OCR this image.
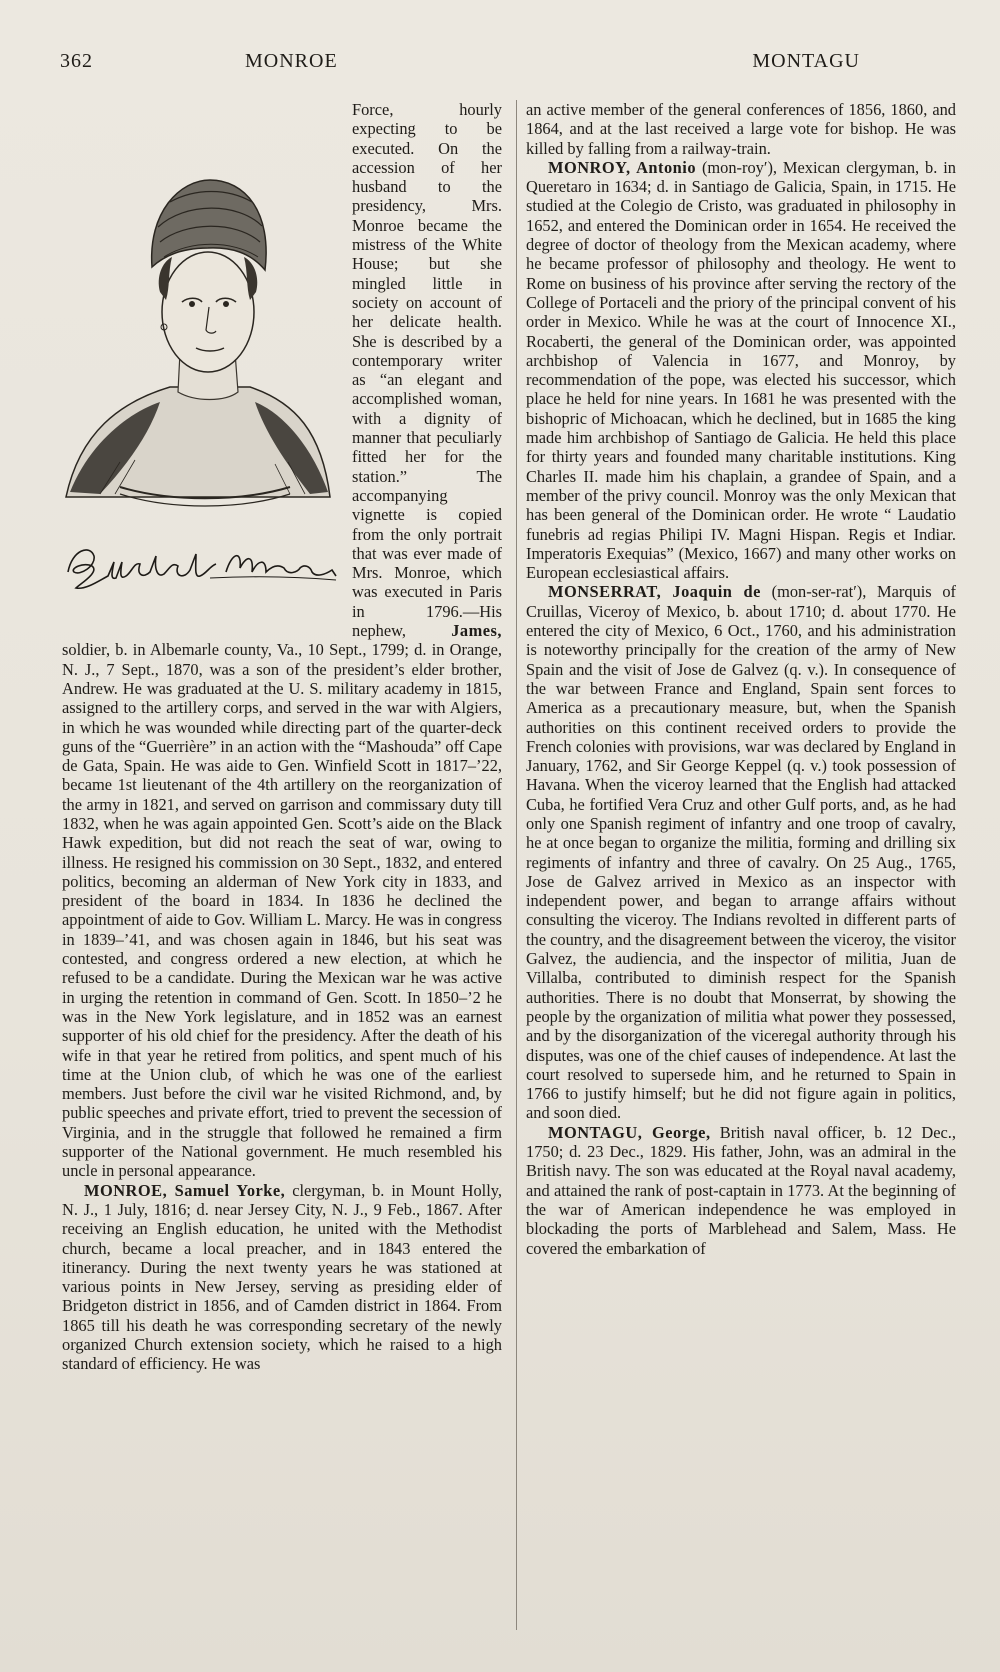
362	MONROE	MONTAGU

Force, hourly expecting to be executed. On the accession of her husband to the presidency, Mrs. Monroe became the mistress of the White House; but she mingled little in society on account of her delicate health. She is described by a contemporary writer as “an elegant and accomplished woman, with a dignity of manner that peculiarly fitted her for the station.” The accompanying vignette is copied from the only portrait that was ever made of Mrs. Monroe, which was executed in Paris in 1796.—His nephew,	James, soldier, b. in Albemarle county, Va., 10 Sept., 1799; d. in Orange, N. J., 7 Sept., 1870, was a son of the president’s elder brother, Andrew. He was graduated at the U. S. military academy in 1815, assigned to the artillery corps, and served in the war with Algiers, in which he was wounded while directing part of the quarter-deck guns of the “Guerrière” in an action with the “Mashouda” off Cape de Gata, Spain. He was aide to Gen. Winfield Scott in 1817–’22, became 1st lieutenant of the 4th artillery on the reorganization of the army in 1821, and served on garrison and commissary duty till 1832, when he was again appointed Gen. Scott’s aide on the Black Hawk expedition, but did not reach the seat of war, owing to illness. He resigned his commission on 30 Sept., 1832, and entered politics, becoming an alderman of New York city in 1833, and president of the board in 1834. In 1836 he declined the appointment of aide to Gov. William L. Marcy. He was in congress in 1839–’41, and was chosen again in 1846, but his seat was contested, and congress ordered a new election, at which he refused to be a candidate. During the Mexican war he was active in urging the retention in command of Gen. Scott. In 1850–’2 he was in the New York legislature, and in 1852 was an earnest supporter of his old chief for the presidency. After the death of his wife in that year he retired from politics, and spent much of his time at the Union club, of which he was one of the earliest members. Just before the civil war he visited Richmond, and, by public speeches and private effort, tried to prevent the secession of Virginia, and in the struggle that followed he remained a firm supporter of the National government. He much resembled his uncle in personal appearance.

MONROE, Samuel Yorke, clergyman, b. in Mount Holly, N. J., 1 July, 1816; d. near Jersey City, N. J., 9 Feb., 1867. After receiving an English education, he united with the Methodist church, became a local preacher, and in 1843 entered the itinerancy. During the next twenty years he was stationed at various points in New Jersey, serving as presiding elder of Bridgeton district in 1856, and of Camden district in 1864. From 1865 till his death he was corresponding secretary of the newly organized Church extension society, which he raised to a high standard of efficiency. He was

an active member of the general conferences of 1856, 1860, and 1864, and at the last received a large vote for bishop. He was killed by falling from a railway-train.

MONROY, Antonio (mon-roy′), Mexican clergyman, b. in Queretaro in 1634; d. in Santiago de Galicia, Spain, in 1715. He studied at the Colegio de Cristo, was graduated in philosophy in 1652, and entered the Dominican order in 1654. He received the degree of doctor of theology from the Mexican academy, where he became professor of philosophy and theology. He went to Rome on business of his province after serving the rectory of the College of Portaceli and the priory of the principal convent of his order in Mexico. While he was at the court of Innocence XI., Rocaberti, the general of the Dominican order, was appointed archbishop of Valencia in 1677, and Monroy, by recommendation of the pope, was elected his successor, which place he held for nine years. In 1681 he was presented with the bishopric of Michoacan, which he declined, but in 1685 the king made him archbishop of Santiago de Galicia. He held this place for thirty years and founded many charitable institutions. King Charles II. made him his chaplain, a grandee of Spain, and a member of the privy council. Monroy was the only Mexican that has been general of the Dominican order. He wrote “ Laudatio funebris ad regias Philipi IV. Magni Hispan. Regis et Indiar. Imperatoris Exequias” (Mexico, 1667) and many other works on European ecclesiastical affairs.

MONSERRAT, Joaquin de (mon-ser-rat′), Marquis of Cruillas, Viceroy of Mexico, b. about 1710; d. about 1770. He entered the city of Mexico, 6 Oct., 1760, and his administration is noteworthy principally for the creation of the army of New Spain and the visit of Jose de Galvez (q. v.). In consequence of the war between France and England, Spain sent forces to America as a precautionary measure, but, when the Spanish authorities on this continent received orders to provide the French colonies with provisions, war was declared by England in January, 1762, and Sir George Keppel (q. v.) took possession of Havana. When the viceroy learned that the English had attacked Cuba, he fortified Vera Cruz and other Gulf ports, and, as he had only one Spanish regiment of infantry and one troop of cavalry, he at once began to organize the militia, forming and drilling six regiments of infantry and three of cavalry. On 25 Aug., 1765, Jose de Galvez arrived in Mexico as an inspector with independent power, and began to arrange affairs without consulting the viceroy. The Indians revolted in different parts of the country, and the disagreement between the viceroy, the visitor Galvez, the audiencia, and the inspector of militia, Juan de Villalba, contributed to diminish respect for the Spanish authorities. There is no doubt that Monserrat, by showing the people by the organization of militia what power they possessed, and by the disorganization of the viceregal authority through his disputes, was one of the chief causes of independence. At last the court resolved to supersede him, and he returned to Spain in 1766 to justify himself; but he did not figure again in politics, and soon died.

MONTAGU, George, British naval officer, b. 12 Dec., 1750; d. 23 Dec., 1829. His father, John, was an admiral in the British navy. The son was educated at the Royal naval academy, and attained the rank of post-captain in 1773. At the beginning of the war of American independence he was employed in blockading the ports of Marblehead and Salem, Mass. He covered the embarkation of
